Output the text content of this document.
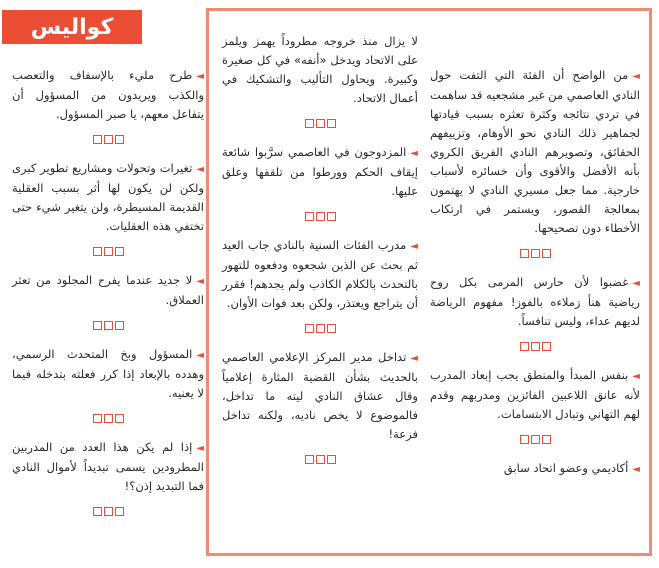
كواليس

◄من الواضح أن الفئة التي التفت حول النادي العاصمي من غير مشجعيه قد ساهمت في تردي نتائجه وكثرة تعثره بسبب قيادتها لجماهير ذلك النادي نحو الأوهام، وتزييفهم الحقائق، وتصويرهم النادي الفريق الكروي بأنه الأفضل والأقوى وأن خسائره لأسباب خارجية. مما جعل مسيري النادي لا يهتمون بمعالجة القصور، ويستمر في ارتكاب الأخطاء دون تصحيحها.

◄غضبوا لأن حارس المرمى بكل روح رياضية هنأ زملاءه بالفوز! مفهوم الرياضة لديهم عداء، وليس تنافساً.

◄بنفس المبدأ والمنطق يجب إبعاد المدرب لأنه عانق اللاعبين الفائزين ومدربهم وقدم لهم التهاني وتبادل الابتسامات.

◄أكاديمي وعضو اتحاد سابق

لا يزال منذ خروجه مطروداً يهمز ويلمز على الاتحاد ويدخل «أنفه» في كل صغيرة وكبيرة. ويحاول التأليب والتشكيك في أعمال الاتحاد.

◄المزدوجون في العاصمي سرَّبوا شائعة إيقاف الحكم وورطوا من تلقفها وعلق عليها.

◄مدرب الفئات السنية بالنادي جاب العيد ثم بحث عن الذين شجعوه ودفعوه للتهور بالتحدث بالكلام الكاذب ولم يجدهم! فقرر أن يتراجع ويعتذر، ولكن بعد فوات الأوان.

◄تداخل مدير المركز الإعلامي العاصمي بالحديث بشأن القضية المثارة إعلامياً وقال عشاق النادي ليته ما تداخل، فالموضوع لا يخص ناديه، ولكنه تداخل فزعة!

◄طرح مليء بالإسفاف والتعصب والكذب ويريدون من المسؤول أن يتفاعل معهم، يا صبر المسؤول.

◄تغيرات وتحولات ومشاريع تطوير كبرى ولكن لن يكون لها أثر بسبب العقلية القديمة المسيطرة، ولن يتغير شيء حتى تختفي هذه العقليات.

◄لا جديد عندما يفرح المجلود من تعثر العملاق.

◄المسؤول وبخ المتحدث الرسمي، وهدده بالإبعاد إذا كرر فعلته بتدخله فيما لا يعنيه.

◄إذا لم يكن هذا العدد من المدربين المطرودين يسمى تبديداً لأموال النادي فما التبديد إذن؟!
